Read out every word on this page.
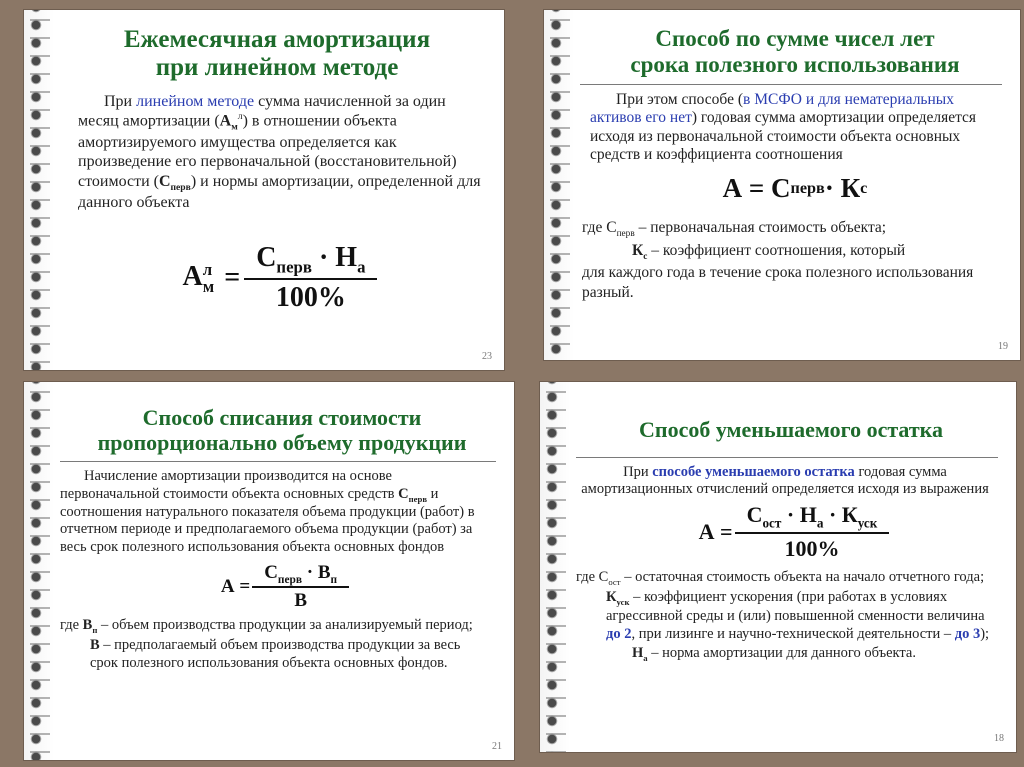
Ежемесячная амортизация
при линейном методе
При линейном методе сумма начисленной за один месяц амортизации $(А_м^л)$ в отношении объекта амортизируемого имущества определяется как произведение его первоначальной (восстановительной) стоимости $(С_{перв})$ и нормы амортизации, определенной для данного объекта
А л
$м = \frac{С_{перв} \cdot Н_а}{100\%}$
23
Способ по сумме чисел лет
срока полезного использования
При этом способе (в МСФО и для нематериальных активов его нет) годовая сумма амортизации определяется исходя из первоначальной стоимости объекта основных средств и коэффициента соотношения
А = С перв · К с
где $С_{перв}$ – первоначальная стоимость объекта;
$К_с$ – коэффициент соотношения, который
для каждого года в течение срока полезного использования разный.
19
Способ списания стоимости
пропорционально объему продукции
Начисление амортизации производится на основе первоначальной стоимости объекта основных средств $С_{перв}$ и соотношения натурального показателя объема продукции (работ) в отчетном периоде и предполагаемого объема продукции (работ) за весь срок полезного использования объекта основных фондов
$А = \frac{С_{перв} \cdot В_п}{В}$
где $В_п$ – объем производства продукции за анализируемый период;
В – предполагаемый объем производства продукции за весь срок полезного использования объекта основных фондов.
21
Способ уменьшаемого остатка
При способе уменьшаемого остатка годовая сумма амортизационных отчислений определяется исходя из выражения
$А = \frac{С_{ост} \cdot Н_а \cdot К_{уск}}{100\%}$
где $С_{ост}$ – остаточная стоимость объекта на начало отчетного года;
$К_{уск}$ – коэффициент ускорения (при работах в условиях агрессивной среды и (или) повышенной сменности величина до 2, при лизинге и научно-технической деятельности – до 3);
$Н_а$ – норма амортизации для данного объекта.
18
